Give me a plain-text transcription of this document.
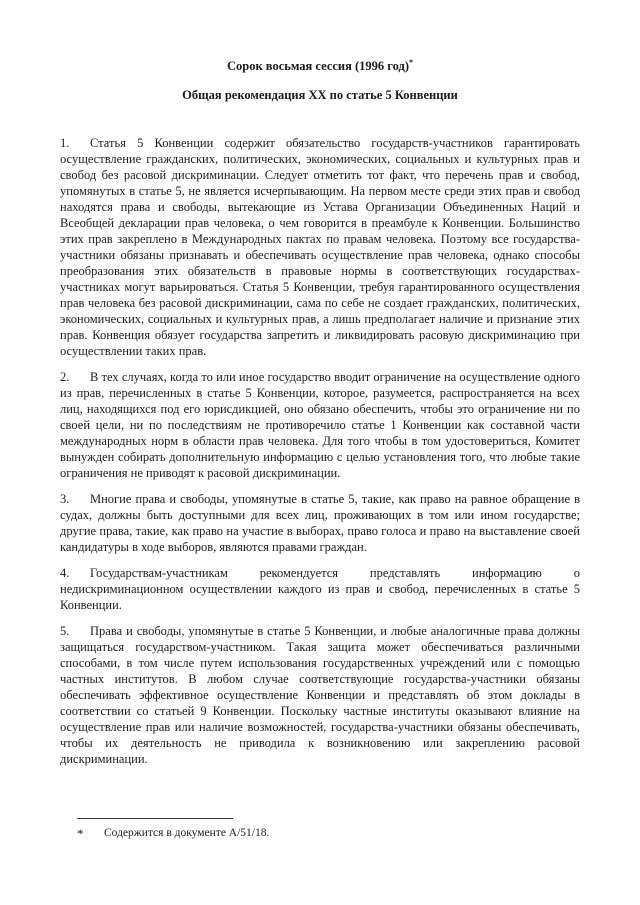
Сорок восьмая сессия (1996 год)*

Общая рекомендация XX по статье 5 Конвенции

1. Статья 5 Конвенции содержит обязательство государств-участников гарантировать осуществление гражданских, политических, экономических, социальных и культурных прав и свобод без расовой дискриминации. Следует отметить тот факт, что перечень прав и свобод, упомянутых в статье 5, не является исчерпывающим. На первом месте среди этих прав и свобод находятся права и свободы, вытекающие из Устава Организации Объединенных Наций и Всеобщей декларации прав человека, о чем говорится в преамбуле к Конвенции. Большинство этих прав закреплено в Международных пактах по правам человека. Поэтому все государства-участники обязаны признавать и обеспечивать осуществление прав человека, однако способы преобразования этих обязательств в правовые нормы в соответствующих государствах-участниках могут варьироваться. Статья 5 Конвенции, требуя гарантированного осуществления прав человека без расовой дискриминации, сама по себе не создает гражданских, политических, экономических, социальных и культурных прав, а лишь предполагает наличие и признание этих прав. Конвенция обязует государства запретить и ликвидировать расовую дискриминацию при осуществлении таких прав.

2. В тех случаях, когда то или иное государство вводит ограничение на осуществление одного из прав, перечисленных в статье 5 Конвенции, которое, разумеется, распространяется на всех лиц, находящихся под его юрисдикцией, оно обязано обеспечить, чтобы это ограничение ни по своей цели, ни по последствиям не противоречило статье 1 Конвенции как составной части международных норм в области прав человека. Для того чтобы в том удостовериться, Комитет вынужден собирать дополнительную информацию с целью установления того, что любые такие ограничения не приводят к расовой дискриминации.

3. Многие права и свободы, упомянутые в статье 5, такие, как право на равное обращение в судах, должны быть доступными для всех лиц, проживающих в том или ином государстве; другие права, такие, как право на участие в выборах, право голоса и право на выставление своей кандидатуры в ходе выборов, являются правами граждан.

4. Государствам-участникам рекомендуется представлять информацию о недискриминационном осуществлении каждого из прав и свобод, перечисленных в статье 5 Конвенции.

5. Права и свободы, упомянутые в статье 5 Конвенции, и любые аналогичные права должны защищаться государством-участником. Такая защита может обеспечиваться различными способами, в том числе путем использования государственных учреждений или с помощью частных институтов. В любом случае соответствующие государства-участники обязаны обеспечивать эффективное осуществление Конвенции и представлять об этом доклады в соответствии со статьей 9 Конвенции. Поскольку частные институты оказывают влияние на осуществление прав или наличие возможностей, государства-участники обязаны обеспечивать, чтобы их деятельность не приводила к возникновению или закреплению расовой дискриминации.

*	Содержится в документе A/51/18.
